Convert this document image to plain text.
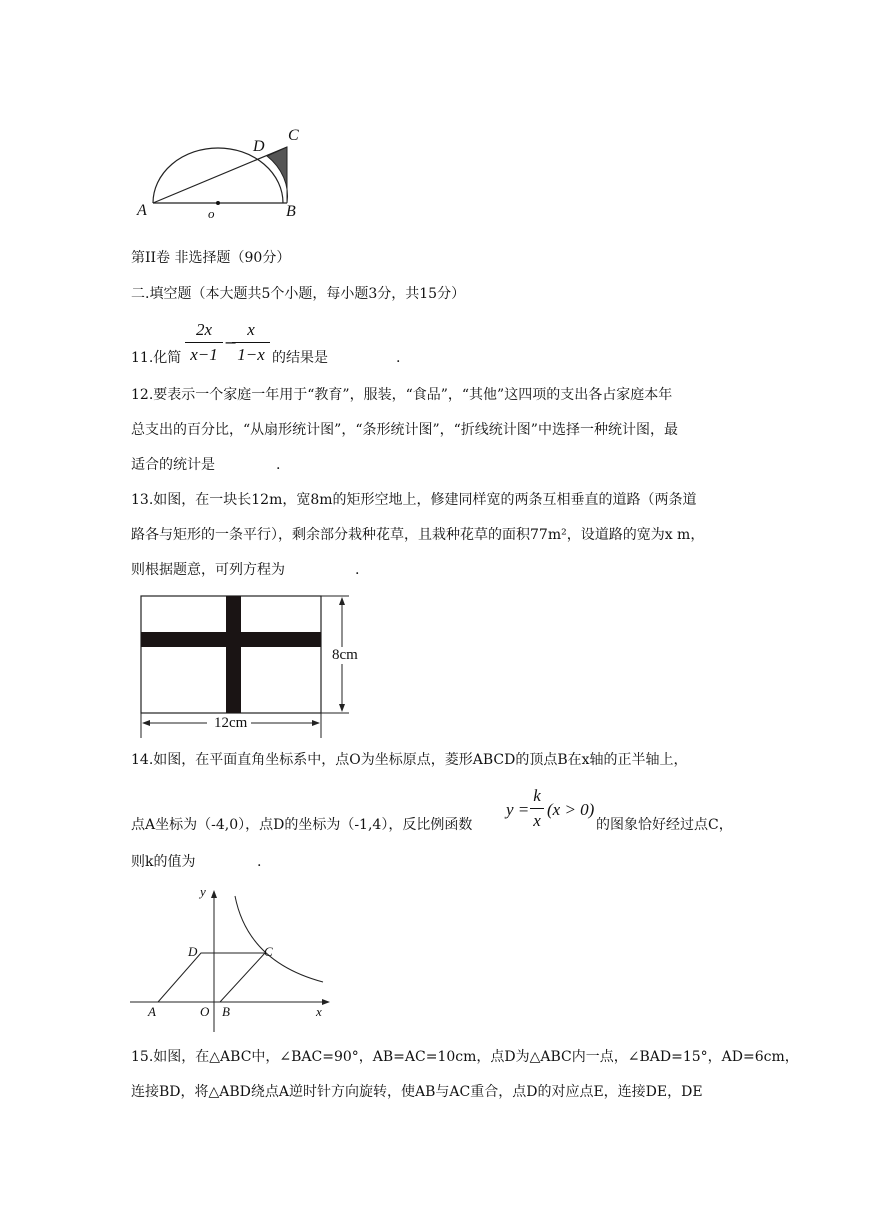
A	o	B
D
C
第II卷 非选择题（90分）
二.填空题（本大题共5个小题，每小题3分，共15分）
11.化简
2x
x−1
−
x
1−x 的结果是	.
12.要表示一个家庭一年用于“教育”，服装，“食品”，“其他”这四项的支出各占家庭本年
总支出的百分比，“从扇形统计图”，“条形统计图”，“折线统计图”中选择一种统计图，最
适合的统计是	.
13.如图，在一块长12m，宽8m的矩形空地上，修建同样宽的两条互相垂直的道路（两条道
路各与矩形的一条平行），剩余部分栽种花草，且栽种花草的面积77m²，设道路的宽为x m，
则根据题意，可列方程为	.
8cm
12cm
14.如图，在平面直角坐标系中，点O为坐标原点，菱形ABCD的顶点B在x轴的正半轴上，
点A坐标为（-4,0），点D的坐标为（-1,4），反比例函数
y =
k
x
(x > 0)
的图象恰好经过点C，
则k的值为	.
y
x
A	O B
D	C
15.如图，在△ABC中，∠BAC=90°，AB=AC=10cm，点D为△ABC内一点，∠BAD=15°，AD=6cm，
连接BD，将△ABD绕点A逆时针方向旋转，使AB与AC重合，点D的对应点E，连接DE，DE
